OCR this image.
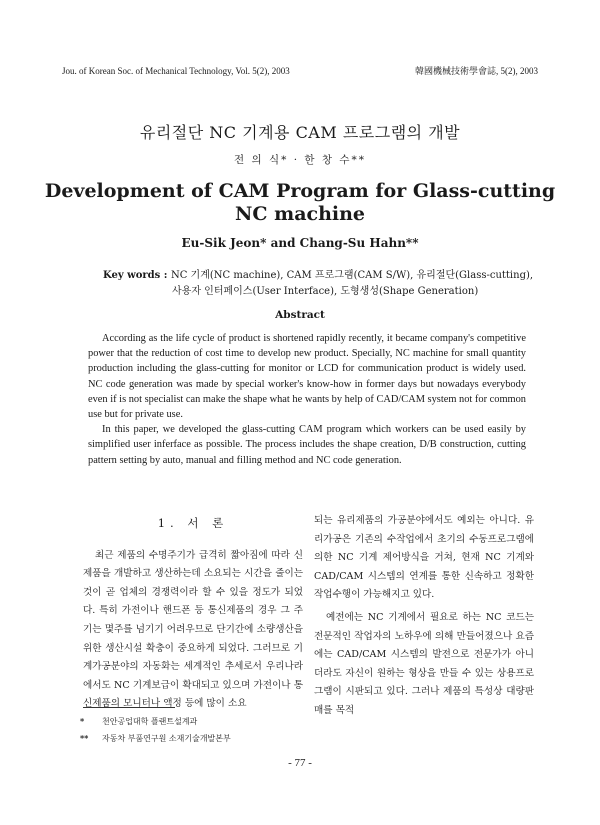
Jou. of Korean Soc. of Mechanical Technology, Vol. 5(2), 2003	韓國機械技術學會誌, 5(2), 2003
유리절단 NC 기계용 CAM 프로그램의 개발
전 의 식* · 한 창 수**
Development of CAM Program for Glass-cutting
NC machine
Eu-Sik Jeon* and Chang-Su Hahn**
Key words : NC 기계(NC machine), CAM 프로그램(CAM S/W), 유리절단(Glass-cutting),
사용자 인터페이스(User Interface), 도형생성(Shape Generation)
Abstract

According as the life cycle of product is shortened rapidly recently, it became company's competitive power that the reduction of cost time to develop new product. Specially, NC machine for small quantity production including the glass-cutting for monitor or LCD for communication product is widely used. NC code generation was made by special worker's know-how in former days but nowadays everybody even if is not specialist can make the shape what he wants by help of CAD/CAM system not for common use but for private use.

In this paper, we developed the glass-cutting CAM program which workers can be used easily by simplified user inferface as possible. The process includes the shape creation, D/B construction, cutting pattern setting by auto, manual and filling method and NC code generation.

1. 서 론

최근 제품의 수명주기가 급격히 짧아짐에 따라 신제품을 개발하고 생산하는데 소요되는 시간을 줄이는 것이 곧 업체의 경쟁력이라 할 수 있을 정도가 되었다. 특히 가전이나 핸드폰 등 통신제품의 경우 그 주기는 몇주를 넘기기 어려우므로 단기간에 소량생산을 위한 생산시설 확충이 중요하게 되었다. 그러므로 기계가공분야의 자동화는 세계적인 추세로서 우리나라에서도 NC 기계보급이 확대되고 있으며 가전이나 통신제품의 모니터나 액정 등에 많이 소요

되는 유리제품의 가공분야에서도 예외는 아니다. 유리가공은 기존의 수작업에서 초기의 수동프로그램에 의한 NC 기계 제어방식을 거쳐, 현재 NC 기계와 CAD/CAM 시스템의 연계를 통한 신속하고 정확한 작업수행이 가능해지고 있다.

예전에는 NC 기계에서 필요로 하는 NC 코드는 전문적인 작업자의 노하우에 의해 만들어졌으나 요즘에는 CAD/CAM 시스템의 발전으로 전문가가 아니더라도 자신이 원하는 형상을 만들 수 있는 상용프로그램이 시판되고 있다. 그러나 제품의 특성상 대량판매를 목적

* 천안공업대학 플랜트설계과
** 자동차 부품연구원 소재기술개발본부
- 77 -
